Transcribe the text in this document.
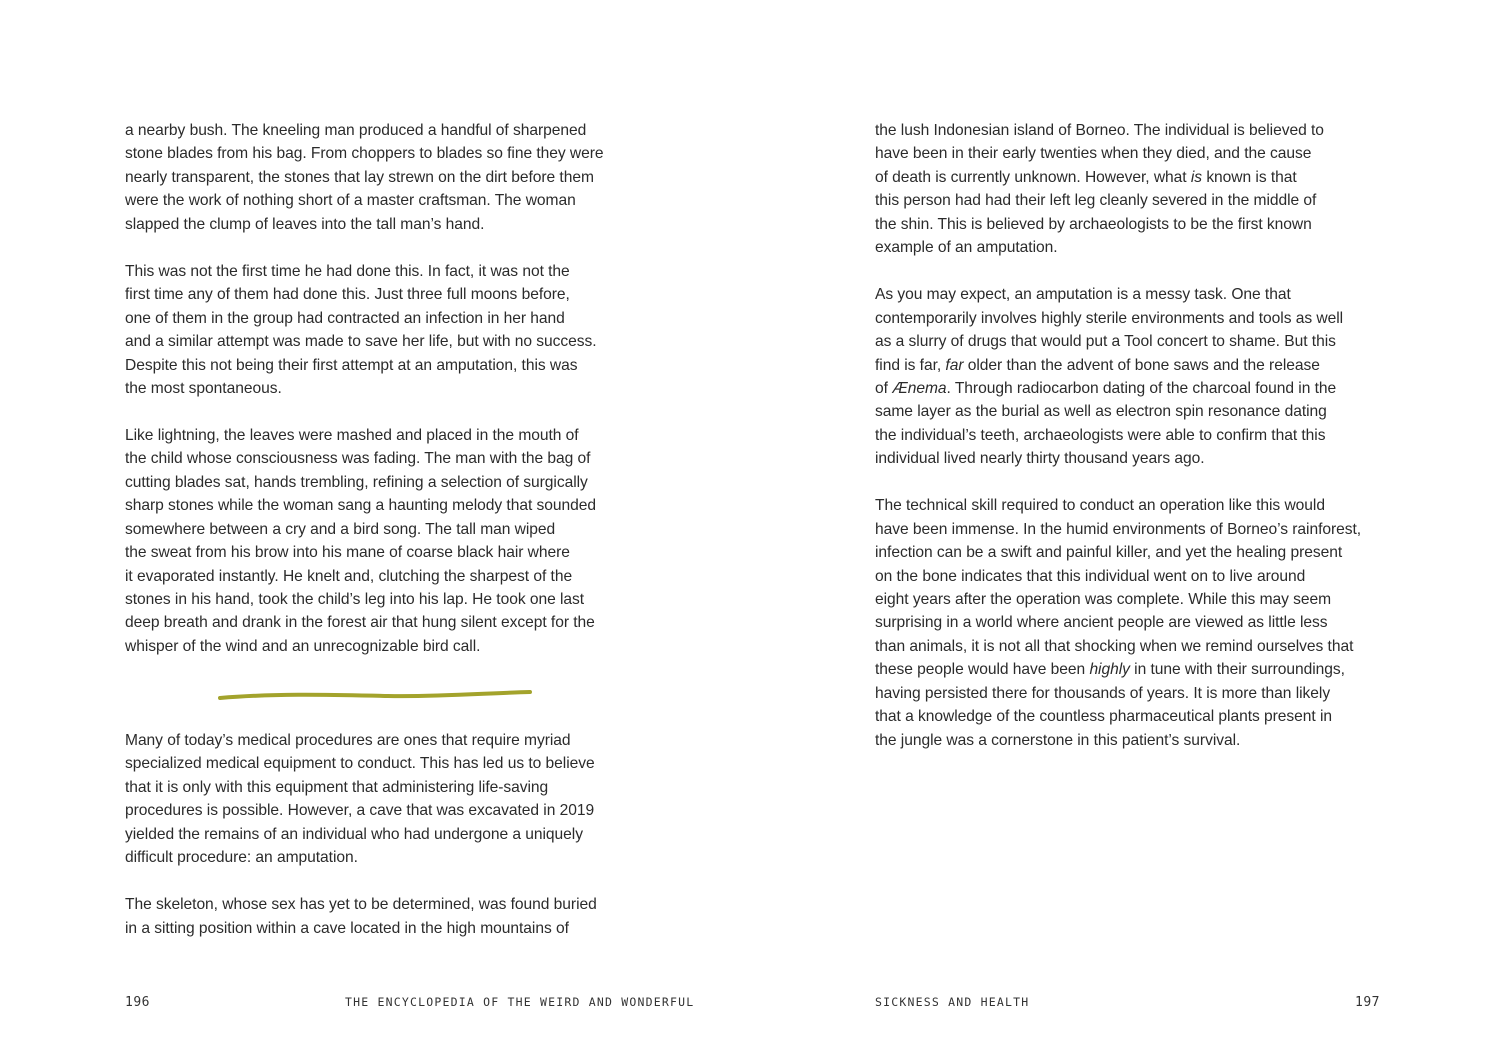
a nearby bush. The kneeling man produced a handful of sharpened
stone blades from his bag. From choppers to blades so fine they were
nearly transparent, the stones that lay strewn on the dirt before them
were the work of nothing short of a master craftsman. The woman
slapped the clump of leaves into the tall man’s hand.
This was not the first time he had done this. In fact, it was not the
first time any of them had done this. Just three full moons before,
one of them in the group had contracted an infection in her hand
and a similar attempt was made to save her life, but with no success.
Despite this not being their first attempt at an amputation, this was
the most spontaneous.
Like lightning, the leaves were mashed and placed in the mouth of
the child whose consciousness was fading. The man with the bag of
cutting blades sat, hands trembling, refining a selection of surgically
sharp stones while the woman sang a haunting melody that sounded
somewhere between a cry and a bird song. The tall man wiped
the sweat from his brow into his mane of coarse black hair where
it evaporated instantly. He knelt and, clutching the sharpest of the
stones in his hand, took the child’s leg into his lap. He took one last
deep breath and drank in the forest air that hung silent except for the
whisper of the wind and an unrecognizable bird call.
Many of today’s medical procedures are ones that require myriad
specialized medical equipment to conduct. This has led us to believe
that it is only with this equipment that administering life-saving
procedures is possible. However, a cave that was excavated in 2019
yielded the remains of an individual who had undergone a uniquely
difficult procedure: an amputation.
The skeleton, whose sex has yet to be determined, was found buried
in a sitting position within a cave located in the high mountains of
196	THE ENCYCLOPEDIA OF THE WEIRD AND WONDERFUL
the lush Indonesian island of Borneo. The individual is believed to
have been in their early twenties when they died, and the cause
of death is currently unknown. However, what is known is that
this person had had their left leg cleanly severed in the middle of
the shin. This is believed by archaeologists to be the first known
example of an amputation.
As you may expect, an amputation is a messy task. One that
contemporarily involves highly sterile environments and tools as well
as a slurry of drugs that would put a Tool concert to shame. But this
find is far, far older than the advent of bone saws and the release
of Ænema. Through radiocarbon dating of the charcoal found in the
same layer as the burial as well as electron spin resonance dating
the individual’s teeth, archaeologists were able to confirm that this
individual lived nearly thirty thousand years ago.
The technical skill required to conduct an operation like this would
have been immense. In the humid environments of Borneo’s rainforest,
infection can be a swift and painful killer, and yet the healing present
on the bone indicates that this individual went on to live around
eight years after the operation was complete. While this may seem
surprising in a world where ancient people are viewed as little less
than animals, it is not all that shocking when we remind ourselves that
these people would have been highly in tune with their surroundings,
having persisted there for thousands of years. It is more than likely
that a knowledge of the countless pharmaceutical plants present in
the jungle was a cornerstone in this patient’s survival.
SICKNESS AND HEALTH	197
